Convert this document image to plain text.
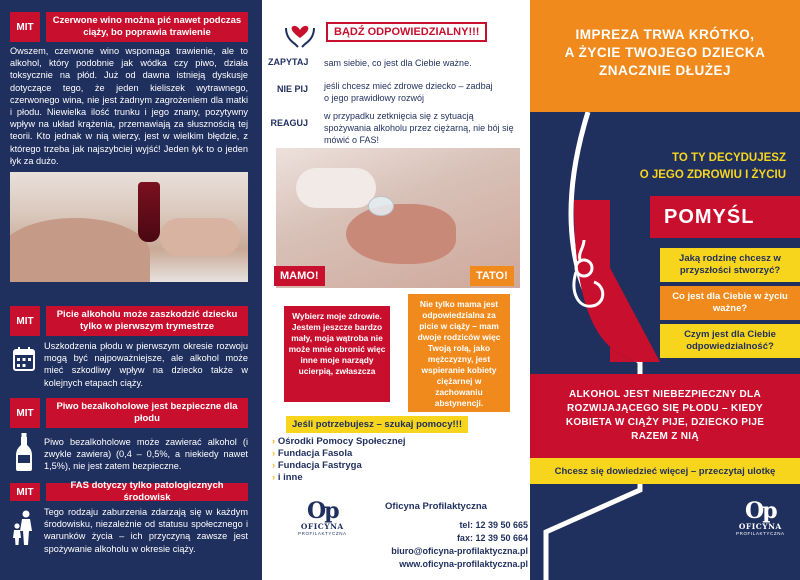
MIT
Czerwone wino można pić nawet podczas ciąży, bo poprawia trawienie
Owszem, czerwone wino wspomaga trawienie, ale to alkohol, który podobnie jak wódka czy piwo, działa toksycznie na płód. Już od dawna istnieją dyskusje dotyczące tego, że jeden kieliszek wytrawnego, czerwonego wina, nie jest żadnym zagrożeniem dla matki i płodu. Niewielka ilość trunku i jego znany, pozytywny wpływ na układ krążenia, przemawiają za słusznością tej teorii. Kto jednak w nią wierzy, jest w wielkim błędzie, z którego trzeba jak najszybciej wyjść! Jeden łyk to o jeden łyk za dużo.
MIT
Picie alkoholu może zaszkodzić dziecku tylko w pierwszym trymestrze
Uszkodzenia płodu w pierwszym okresie rozwoju mogą być najpoważniejsze, ale alkohol może mieć szkodliwy wpływ na dziecko także w kolejnych etapach ciąży.
MIT
Piwo bezalkoholowe jest bezpieczne dla płodu
Piwo bezalkoholowe może zawierać alkohol (i zwykle zawiera) (0,4 – 0,5%, a niekiedy nawet 1,5%), nie jest zatem bezpieczne.
MIT
FAS dotyczy tylko patologicznych środowisk
Tego rodzaju zaburzenia zdarzają się w każdym środowisku, niezależnie od statusu społecznego i warunków życia – ich przyczyną zawsze jest spożywanie alkoholu w okresie ciąży.
BĄDŹ ODPOWIEDZIALNY!!!
ZAPYTAJ sam siebie, co jest dla Ciebie ważne.
NIE PIJ jeśli chcesz mieć zdrowe dziecko – zadbaj o jego prawidłowy rozwój
REAGUJ
w przypadku zetknięcia się z sytuacją spożywania alkoholu przez ciężarną, nie bój się mówić o FAS!
MAMO!	TATO!
Wybierz moje zdrowie. Jestem jeszcze bardzo mały, moja wątroba nie może mnie obronić więc inne moje narządy ucierpią, zwłaszcza
Nie tylko mama jest odpowiedzialna za picie w ciąży – mam dwoje rodziców więc Twoją rolą, jako mężczyzny, jest wspieranie kobiety ciężarnej w zachowaniu abstynencji.
Jeśli potrzebujesz – szukaj pomocy!!!
› Ośrodki Pomocy Społecznej
› Fundacja Fasola
› Fundacja Fastryga
› i inne
Op
OFICYNA
PROFILAKTYCZNA
Oficyna Profilaktyczna
tel: 12 39 50 665
fax: 12 39 50 664
biuro@oficyna-profilaktyczna.pl
www.oficyna-profilaktyczna.pl
IMPREZA TRWA KRÓTKO,
A ŻYCIE TWOJEGO DZIECKA
ZNACZNIE DŁUŻEJ
TO TY DECYDUJESZ
O JEGO ZDROWIU I ŻYCIU
POMYŚL
Jaką rodzinę chcesz w przyszłości stworzyć?
Co jest dla Ciebie w życiu ważne?
Czym jest dla Ciebie odpowiedzialność?
ALKOHOL JEST NIEBEZPIECZNY DLA ROZWIJAJĄCEGO SIĘ PŁODU – KIEDY KOBIETA W CIĄŻY PIJE, DZIECKO PIJE RAZEM Z NIĄ
Chcesz się dowiedzieć więcej – przeczytaj ulotkę
Op
OFICYNA
PROFILAKTYCZNA
